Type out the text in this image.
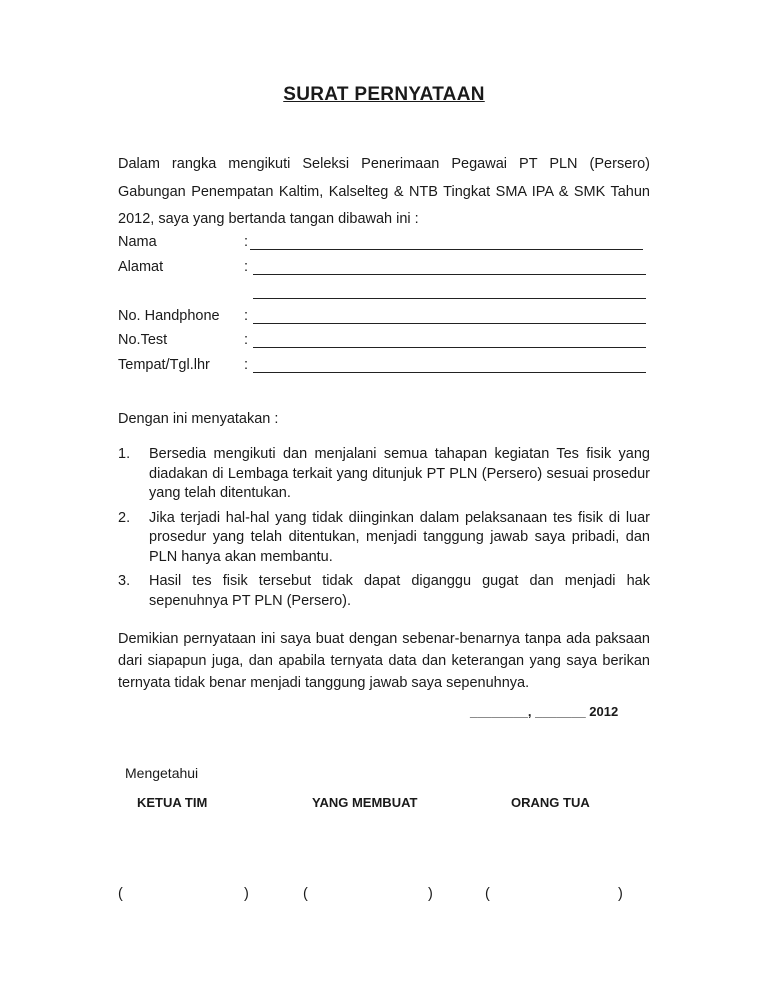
SURAT PERNYATAAN
Dalam rangka mengikuti Seleksi Penerimaan Pegawai PT PLN (Persero) Gabungan Penempatan Kaltim, Kalselteg & NTB Tingkat SMA IPA & SMK Tahun 2012, saya yang bertanda tangan dibawah ini :
Nama	:
Alamat	:
No. Handphone :
No.Test	:
Tempat/Tgl.lhr :
Dengan ini menyatakan :
1. Bersedia mengikuti dan menjalani semua tahapan kegiatan Tes fisik yang diadakan di Lembaga terkait yang ditunjuk PT PLN (Persero) sesuai prosedur yang telah ditentukan.
2. Jika terjadi hal-hal yang tidak diinginkan dalam pelaksanaan tes fisik di luar prosedur yang telah ditentukan, menjadi tanggung jawab saya pribadi, dan PLN hanya akan membantu.
3. Hasil tes fisik tersebut tidak dapat diganggu gugat dan menjadi hak sepenuhnya PT PLN (Persero).
Demikian pernyataan ini saya buat dengan sebenar-benarnya tanpa ada paksaan dari siapapun juga, dan apabila ternyata data dan keterangan yang saya berikan ternyata tidak benar menjadi tanggung jawab saya sepenuhnya.
________, _______ 2012
Mengetahui
KETUA TIM	YANG MEMBUAT	ORANG TUA
(	)	(	)	(	)
